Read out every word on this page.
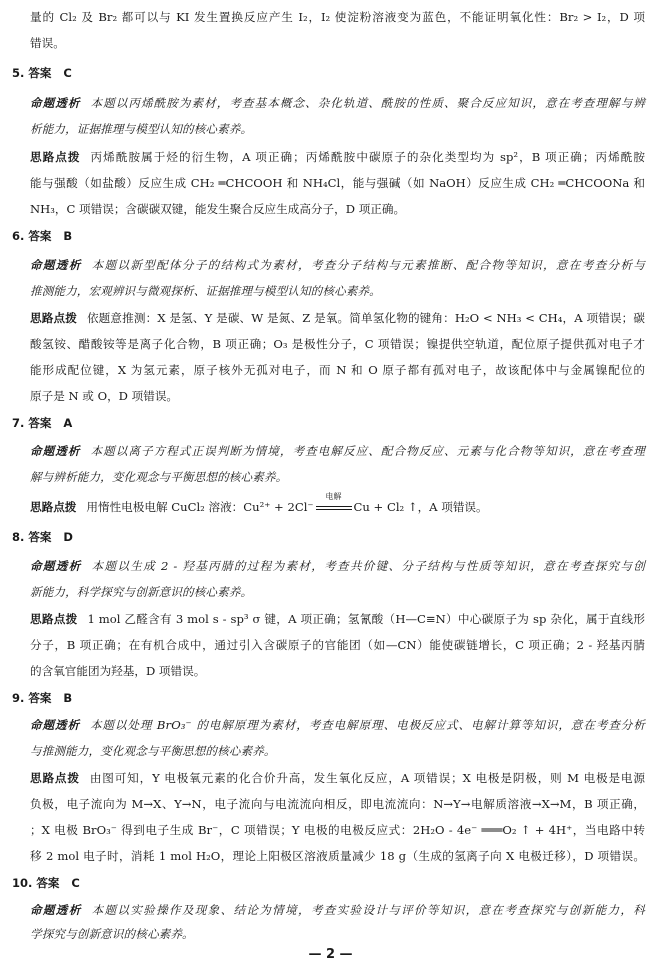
量的 Cl₂ 及 Br₂ 都可以与 KI 发生置换反应产生 I₂，I₂ 使淀粉溶液变为蓝色，不能证明氧化性：Br₂ > I₂，D 项
错误。
5. 答案 C
命题透析 本题以丙烯酰胺为素材，考查基本概念、杂化轨道、酰胺的性质、聚合反应知识，意在考查理解与辨
析能力，证据推理与模型认知的核心素养。
思路点拨 丙烯酰胺属于烃的衍生物，A 项正确；丙烯酰胺中碳原子的杂化类型均为 sp²，B 项正确；丙烯酰胺
能与强酸（如盐酸）反应生成 CH₂ ═CHCOOH 和 NH₄Cl，能与强碱（如 NaOH）反应生成 CH₂ ═CHCOONa 和
NH₃，C 项错误；含碳碳双键，能发生聚合反应生成高分子，D 项正确。
6. 答案 B
命题透析 本题以新型配体分子的结构式为素材，考查分子结构与元素推断、配合物等知识，意在考查分析与
推测能力，宏观辨识与微观探析、证据推理与模型认知的核心素养。
思路点拨 依题意推测：X 是氢、Y 是碳、W 是氮、Z 是氧。简单氢化物的键角：H₂O < NH₃ < CH₄，A 项错误；碳
酸氢铵、醋酸铵等是离子化合物，B 项正确；O₃ 是极性分子，C 项错误；镍提供空轨道，配位原子提供孤对电子才
能形成配位键，X 为氢元素，原子核外无孤对电子，而 N 和 O 原子都有孤对电子，故该配体中与金属镍配位的
原子是 N 或 O，D 项错误。
7. 答案 A
命题透析 本题以离子方程式正误判断为情境，考查电解反应、配合物反应、元素与化合物等知识，意在考查理
解与辨析能力，变化观念与平衡思想的核心素养。
思路点拨 用惰性电极电解 CuCl₂ 溶液：Cu²⁺ + 2Cl⁻
电解
Cu + Cl₂ ↑，A 项错误。
8. 答案 D
命题透析 本题以生成 2 - 羟基丙腈的过程为素材，考查共价键、分子结构与性质等知识，意在考查探究与创
新能力，科学探究与创新意识的核心素养。
思路点拨 1 mol 乙醛含有 3 mol s - sp³ σ 键，A 项正确；氢氰酸（H—C≡N）中心碳原子为 sp 杂化，属于直线形
分子，B 项正确；在有机合成中，通过引入含碳原子的官能团（如—CN）能使碳链增长，C 项正确；2 - 羟基丙腈
的含氧官能团为羟基，D 项错误。
9. 答案 B
命题透析 本题以处理 BrO₃⁻ 的电解原理为素材，考查电解原理、电极反应式、电解计算等知识，意在考查分析
与推测能力，变化观念与平衡思想的核心素养。
思路点拨 由图可知，Y 电极氧元素的化合价升高，发生氧化反应，A 项错误；X 电极是阴极，则 M 电极是电源
负极，电子流向为 M→X、Y→N，电子流向与电流流向相反，即电流流向：N→Y→电解质溶液→X→M，B 项正确，
；X 电极 BrO₃⁻ 得到电子生成 Br⁻，C 项错误；Y 电极的电极反应式：2H₂O - 4e⁻ ═══O₂ ↑ + 4H⁺，当电路中转
移 2 mol 电子时，消耗 1 mol H₂O，理论上阳极区溶液质量减少 18 g（生成的氢离子向 X 电极迁移），D 项错误。
10. 答案 C
命题透析 本题以实验操作及现象、结论为情境，考查实验设计与评价等知识，意在考查探究与创新能力，科
学探究与创新意识的核心素养。
— 2 —
